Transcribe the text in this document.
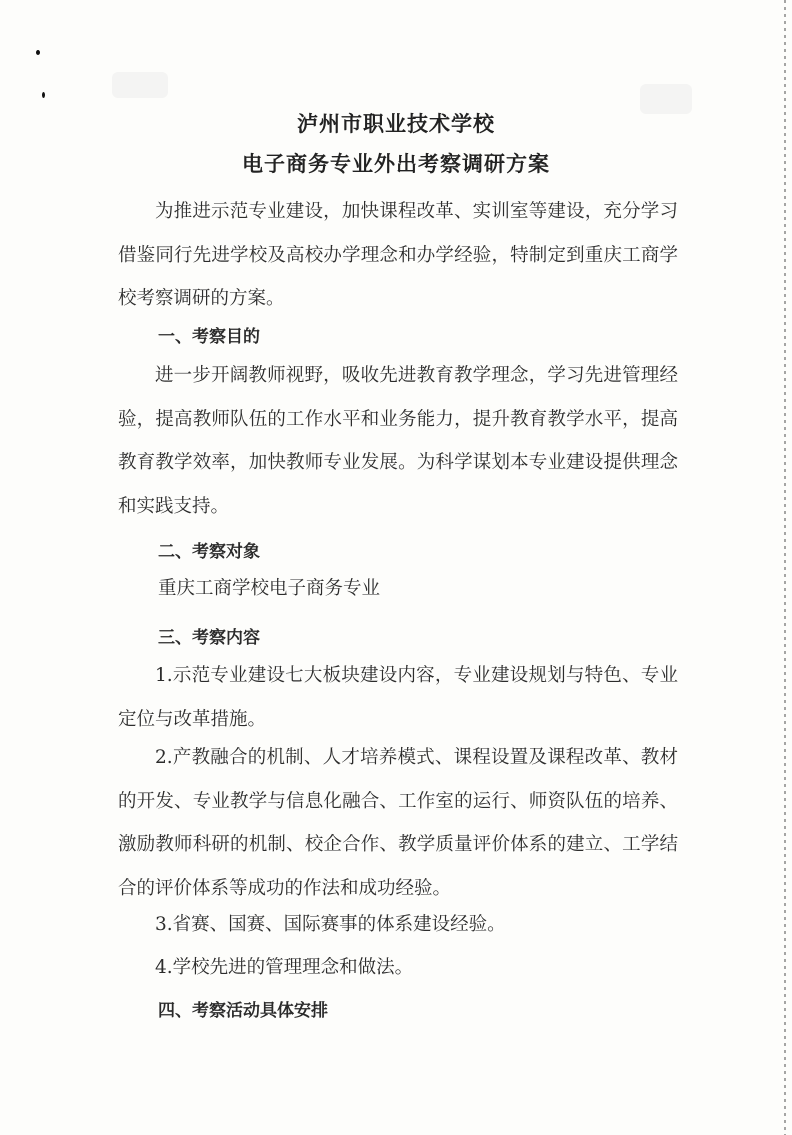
泸州市职业技术学校
电子商务专业外出考察调研方案

为推进示范专业建设，加快课程改革、实训室等建设，充分学习借鉴同行先进学校及高校办学理念和办学经验，特制定到重庆工商学校考察调研的方案。

一、考察目的

进一步开阔教师视野，吸收先进教育教学理念，学习先进管理经验，提高教师队伍的工作水平和业务能力，提升教育教学水平，提高教育教学效率，加快教师专业发展。为科学谋划本专业建设提供理念和实践支持。

二、考察对象
重庆工商学校电子商务专业
三、考察内容

1.示范专业建设七大板块建设内容，专业建设规划与特色、专业定位与改革措施。

2.产教融合的机制、人才培养模式、课程设置及课程改革、教材的开发、专业教学与信息化融合、工作室的运行、师资队伍的培养、激励教师科研的机制、校企合作、教学质量评价体系的建立、工学结合的评价体系等成功的作法和成功经验。

3.省赛、国赛、国际赛事的体系建设经验。

4.学校先进的管理理念和做法。

四、考察活动具体安排
